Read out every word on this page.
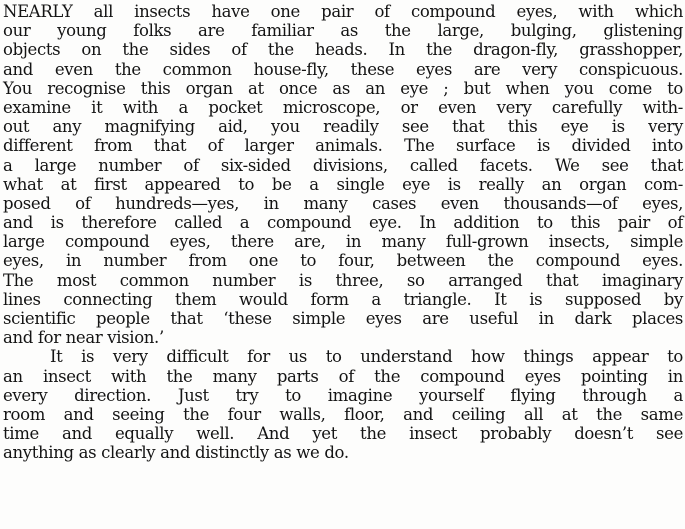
NEARLY all insects have one pair of compound eyes, with which
our young folks are familiar as the large, bulging, glistening
objects on the sides of the heads. In the dragon-fly, grasshopper,
and even the common house-fly, these eyes are very conspicuous.
You recognise this organ at once as an eye ; but when you come to
examine it with a pocket microscope, or even very carefully with-
out any magnifying aid, you readily see that this eye is very
different from that of larger animals. The surface is divided into
a large number of six-sided divisions, called facets. We see that
what at first appeared to be a single eye is really an organ com-
posed of hundreds—yes, in many cases even thousands—of eyes,
and is therefore called a compound eye. In addition to this pair of
large compound eyes, there are, in many full-grown insects, simple
eyes, in number from one to four, between the compound eyes.
The most common number is three, so arranged that imaginary
lines connecting them would form a triangle. It is supposed by
scientific people that ‘these simple eyes are useful in dark places
and for near vision.’
It is very difficult for us to understand how things appear to
an insect with the many parts of the compound eyes pointing in
every direction. Just try to imagine yourself flying through a
room and seeing the four walls, floor, and ceiling all at the same
time and equally well. And yet the insect probably doesn’t see
anything as clearly and distinctly as we do.
